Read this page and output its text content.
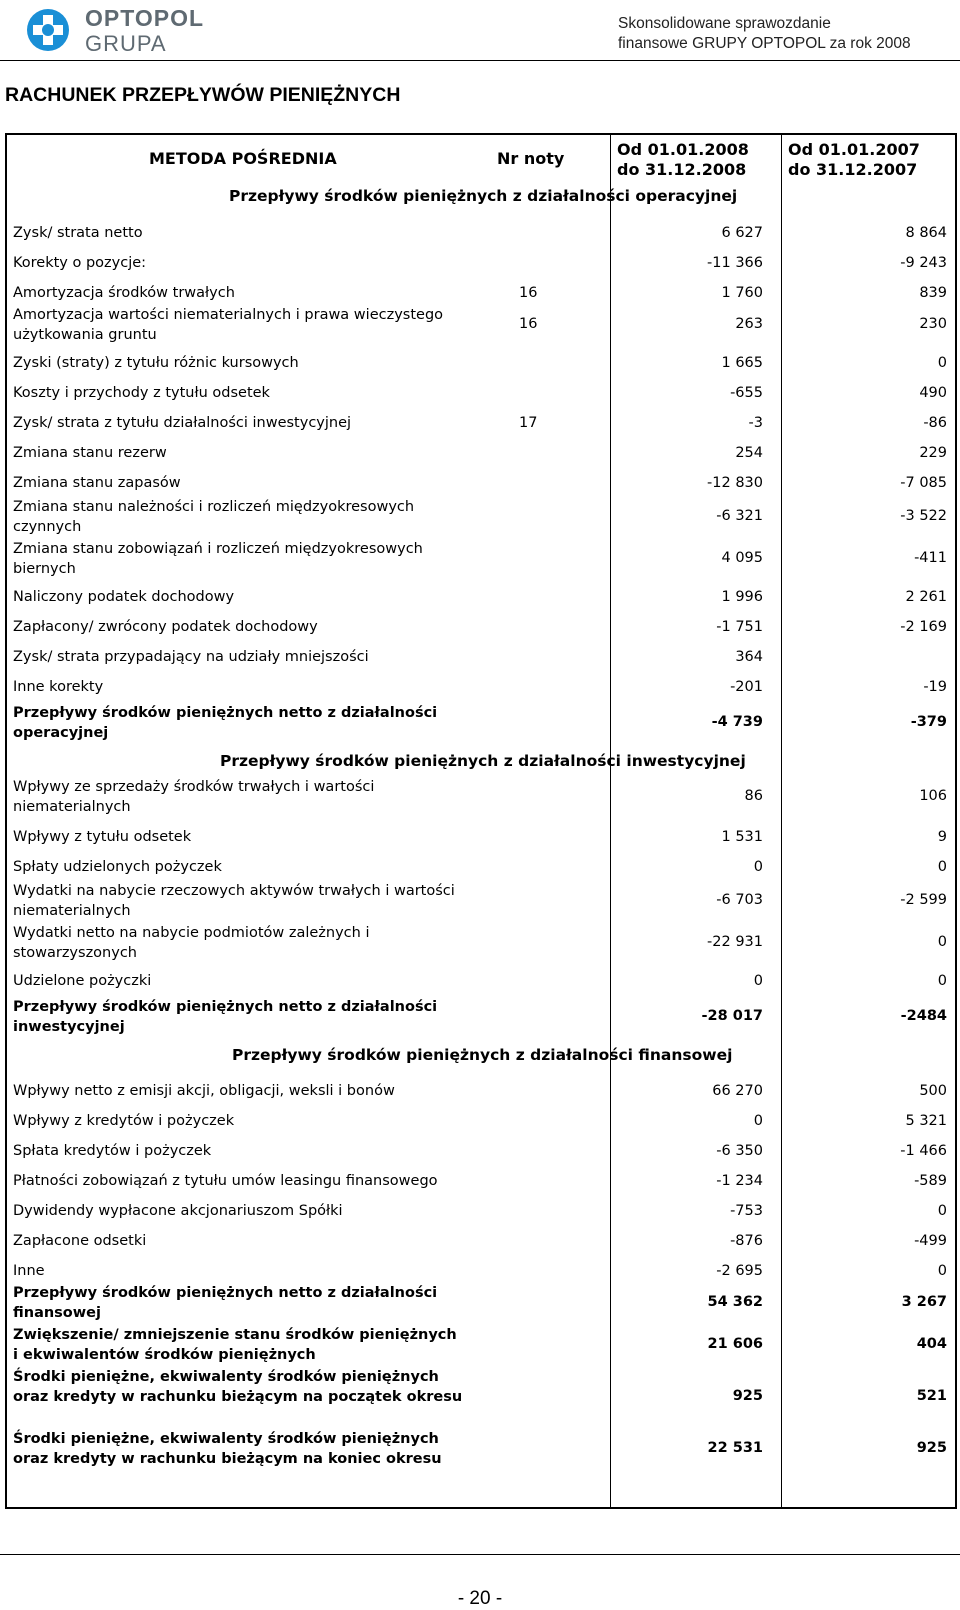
OPTOPOL
GRUPA
Skonsolidowane sprawozdanie
finansowe GRUPY OPTOPOL za rok 2008
RACHUNEK PRZEPŁYWÓW PIENIĘŻNYCH
METODA POŚREDNIA	Nr noty	Od 01.01.2008
do 31.12.2008
Od 01.01.2007
do 31.12.2007
Przepływy środków pieniężnych z działalności operacyjnej
Przepływy środków pieniężnych z działalności inwestycyjnej
Przepływy środków pieniężnych z działalności finansowej
Zysk/ strata netto	6 627	8 864
Korekty o pozycje:	-11 366	-9 243
Amortyzacja środków trwałych	16	1 760	839
Amortyzacja wartości niematerialnych i prawa wieczystego użytkowania gruntu
16	263	230
Zyski (straty) z tytułu różnic kursowych	1 665	0
Koszty i przychody z tytułu odsetek	-655	490
Zysk/ strata z tytułu działalności inwestycyjnej	17	-3	-86
Zmiana stanu rezerw	254	229
Zmiana stanu zapasów	-12 830	-7 085
Zmiana stanu należności i rozliczeń międzyokresowych czynnych
-6 321	-3 522
Zmiana stanu zobowiązań i rozliczeń międzyokresowych biernych
4 095	-411
Naliczony podatek dochodowy	1 996	2 261
Zapłacony/ zwrócony podatek dochodowy	-1 751	-2 169
Zysk/ strata przypadający na udziały mniejszości	364
Inne korekty	-201	-19
Przepływy środków pieniężnych netto z działalności operacyjnej
-4 739	-379
Wpływy ze sprzedaży środków trwałych i wartości niematerialnych
86	106
Wpływy z tytułu odsetek	1 531	9
Spłaty udzielonych pożyczek	0	0
Wydatki na nabycie rzeczowych aktywów trwałych i wartości niematerialnych
-6 703	-2 599
Wydatki netto na nabycie podmiotów zależnych i stowarzyszonych
-22 931	0
Udzielone pożyczki	0	0
Przepływy środków pieniężnych netto z działalności inwestycyjnej
-28 017	-2484
Wpływy netto z emisji akcji, obligacji, weksli i bonów	66 270	500
Wpływy z kredytów i pożyczek	0	5 321
Spłata kredytów i pożyczek	-6 350	-1 466
Płatności zobowiązań z tytułu umów leasingu finansowego	-1 234	-589
Dywidendy wypłacone akcjonariuszom Spółki	-753	0
Zapłacone odsetki	-876	-499
Inne	-2 695	0
Przepływy środków pieniężnych netto z działalności finansowej
54 362	3 267
Zwiększenie/ zmniejszenie stanu środków pieniężnych i ekwiwalentów środków pieniężnych
21 606	404
Środki pieniężne, ekwiwalenty środków pieniężnych oraz kredyty w rachunku bieżącym na początek okresu	925	521
Środki pieniężne, ekwiwalenty środków pieniężnych oraz kredyty w rachunku bieżącym na koniec okresu
22 531	925
- 20 -
